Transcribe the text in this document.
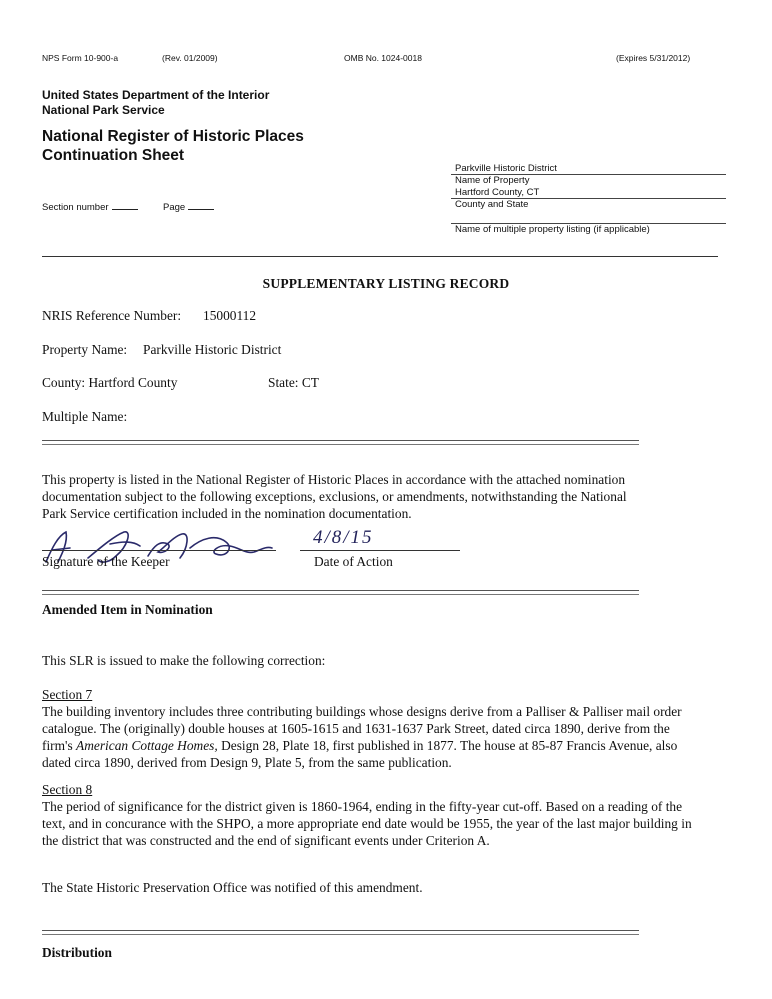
NPS Form 10-900-a	(Rev. 01/2009)	OMB No. 1024-0018	(Expires 5/31/2012)
United States Department of the Interior
National Park Service
National Register of Historic Places
Continuation Sheet
Section number	Page
Parkville Historic District
Name of Property
Hartford County, CT
County and State
Name of multiple property listing (if applicable)
SUPPLEMENTARY LISTING RECORD
NRIS Reference Number: 15000112
Property Name: Parkville Historic District
County: Hartford County	State: CT
Multiple Name:

This property is listed in the National Register of Historic Places in accordance with the attached nomination

documentation subject to the following exceptions, exclusions, or amendments, notwithstanding the National

Park Service certification included in the nomination documentation.

4/8/15
Signature of the Keeper	Date of Action
Amended Item in Nomination
This SLR is issued to make the following correction:

Section 7

The building inventory includes three contributing buildings whose designs derive from a Palliser & Palliser mail order

catalogue. The (originally) double houses at 1605-1615 and 1631-1637 Park Street, dated circa 1890, derive from the

firm's American Cottage Homes, Design 28, Plate 18, first published in 1877. The house at 85-87 Francis Avenue, also

dated circa 1890, derived from Design 9, Plate 5, from the same publication.

Section 8

The period of significance for the district given is 1860-1964, ending in the fifty-year cut-off. Based on a reading of the

text, and in concurance with the SHPO, a more appropriate end date would be 1955, the year of the last major building in

the district that was constructed and the end of significant events under Criterion A.

The State Historic Preservation Office was notified of this amendment.
Distribution
